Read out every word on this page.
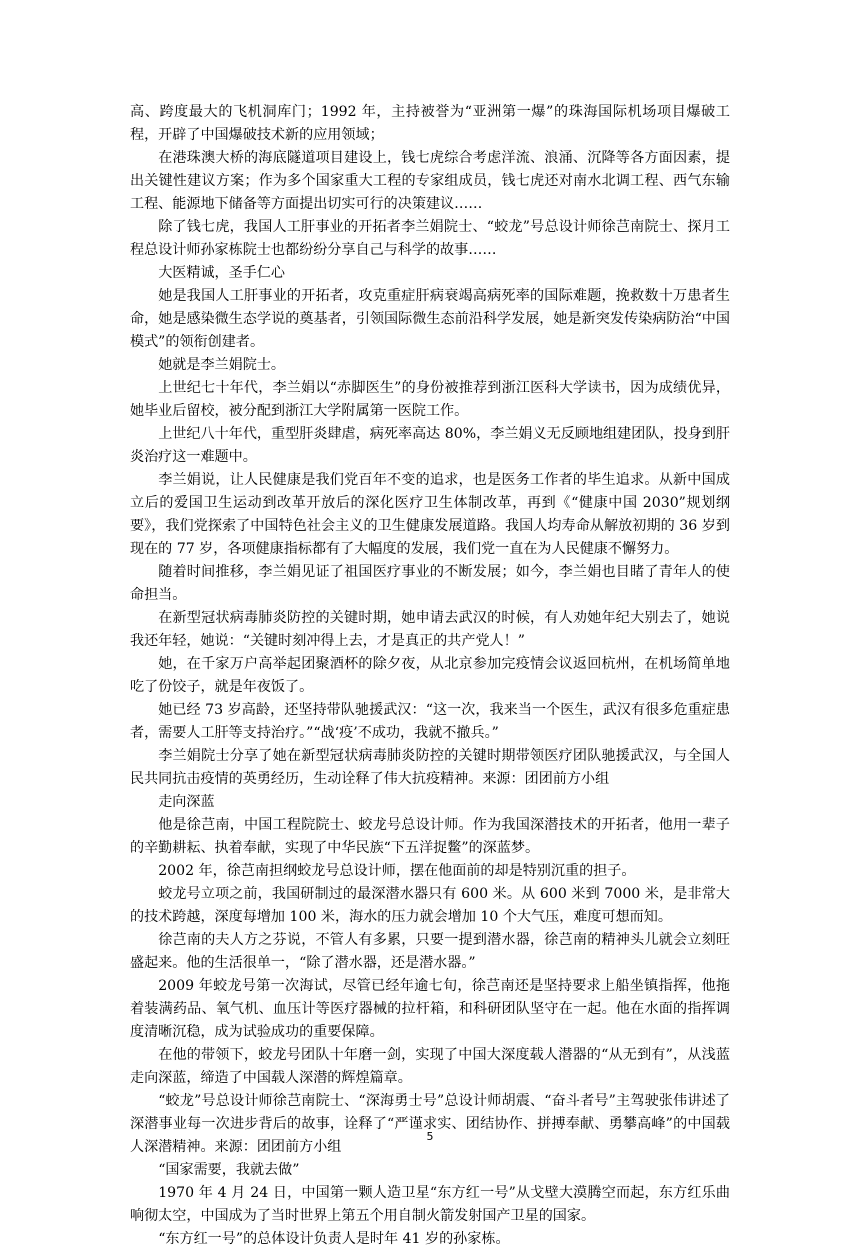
高、跨度最大的飞机洞库门；1992 年，主持被誉为“亚洲第一爆”的珠海国际机场项目爆破工程，开辟了中国爆破技术新的应用领域；

在港珠澳大桥的海底隧道项目建设上，钱七虎综合考虑洋流、浪涌、沉降等各方面因素，提出关键性建议方案；作为多个国家重大工程的专家组成员，钱七虎还对南水北调工程、西气东输工程、能源地下储备等方面提出切实可行的决策建议……

除了钱七虎，我国人工肝事业的开拓者李兰娟院士、“蛟龙”号总设计师徐芑南院士、探月工程总设计师孙家栋院士也都纷纷分享自己与科学的故事……

大医精诚，圣手仁心

她是我国人工肝事业的开拓者，攻克重症肝病衰竭高病死率的国际难题，挽救数十万患者生命，她是感染微生态学说的奠基者，引领国际微生态前沿科学发展，她是新突发传染病防治“中国模式”的领衔创建者。

她就是李兰娟院士。

上世纪七十年代，李兰娟以“赤脚医生”的身份被推荐到浙江医科大学读书，因为成绩优异，她毕业后留校，被分配到浙江大学附属第一医院工作。

上世纪八十年代，重型肝炎肆虐，病死率高达 80%，李兰娟义无反顾地组建团队，投身到肝炎治疗这一难题中。

李兰娟说，让人民健康是我们党百年不变的追求，也是医务工作者的毕生追求。从新中国成立后的爱国卫生运动到改革开放后的深化医疗卫生体制改革，再到《“健康中国 2030”规划纲要》，我们党探索了中国特色社会主义的卫生健康发展道路。我国人均寿命从解放初期的 36 岁到现在的 77 岁，各项健康指标都有了大幅度的发展，我们党一直在为人民健康不懈努力。

随着时间推移，李兰娟见证了祖国医疗事业的不断发展；如今，李兰娟也目睹了青年人的使命担当。

在新型冠状病毒肺炎防控的关键时期，她申请去武汉的时候，有人劝她年纪大别去了，她说我还年轻，她说：“关键时刻冲得上去，才是真正的共产党人！”

她，在千家万户高举起团聚酒杯的除夕夜，从北京参加完疫情会议返回杭州，在机场简单地吃了份饺子，就是年夜饭了。

她已经 73 岁高龄，还坚持带队驰援武汉：“这一次，我来当一个医生，武汉有很多危重症患者，需要人工肝等支持治疗。”“战‘疫’不成功，我就不撤兵。”

李兰娟院士分享了她在新型冠状病毒肺炎防控的关键时期带领医疗团队驰援武汉，与全国人民共同抗击疫情的英勇经历，生动诠释了伟大抗疫精神。来源：团团前方小组

走向深蓝

他是徐芑南，中国工程院院士、蛟龙号总设计师。作为我国深潜技术的开拓者，他用一辈子的辛勤耕耘、执着奉献，实现了中华民族“下五洋捉鳖”的深蓝梦。

2002 年，徐芑南担纲蛟龙号总设计师，摆在他面前的却是特别沉重的担子。

蛟龙号立项之前，我国研制过的最深潜水器只有 600 米。从 600 米到 7000 米，是非常大的技术跨越，深度每增加 100 米，海水的压力就会增加 10 个大气压，难度可想而知。

徐芑南的夫人方之芬说，不管人有多累，只要一提到潜水器，徐芑南的精神头儿就会立刻旺盛起来。他的生活很单一，“除了潜水器，还是潜水器。”

2009 年蛟龙号第一次海试，尽管已经年逾七旬，徐芑南还是坚持要求上船坐镇指挥，他拖着装满药品、氧气机、血压计等医疗器械的拉杆箱，和科研团队坚守在一起。他在水面的指挥调度清晰沉稳，成为试验成功的重要保障。

在他的带领下，蛟龙号团队十年磨一剑，实现了中国大深度载人潜器的“从无到有”，从浅蓝走向深蓝，缔造了中国载人深潜的辉煌篇章。

“蛟龙”号总设计师徐芑南院士、“深海勇士号”总设计师胡震、“奋斗者号”主驾驶张伟讲述了深潜事业每一次进步背后的故事，诠释了“严谨求实、团结协作、拼搏奉献、勇攀高峰”的中国载人深潜精神。来源：团团前方小组

“国家需要，我就去做”

1970 年 4 月 24 日，中国第一颗人造卫星“东方红一号”从戈壁大漠腾空而起，东方红乐曲响彻太空，中国成为了当时世界上第五个用自制火箭发射国产卫星的国家。

“东方红一号”的总体设计负责人是时年 41 岁的孙家栋。

5
